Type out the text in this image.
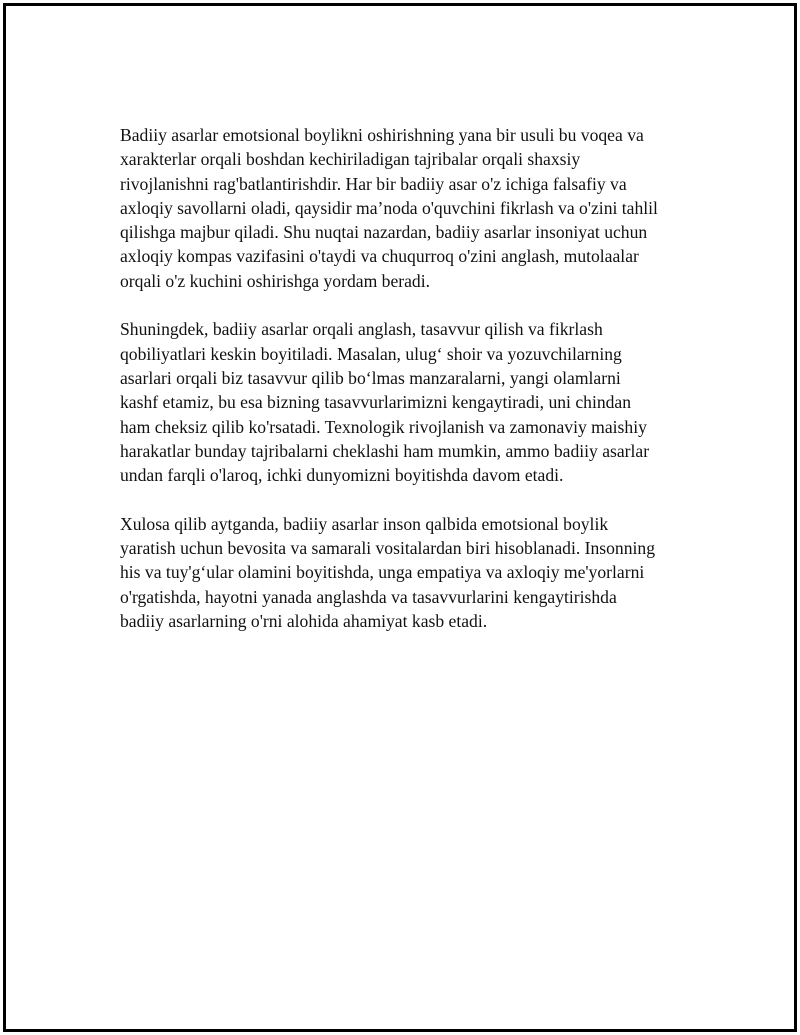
Badiiy asarlar emotsional boylikni oshirishning yana bir usuli bu voqea va
xarakterlar orqali boshdan kechiriladigan tajribalar orqali shaxsiy
rivojlanishni rag'batlantirishdir. Har bir badiiy asar o'z ichiga falsafiy va
axloqiy savollarni oladi, qaysidir ma’noda o'quvchini fikrlash va o'zini tahlil
qilishga majbur qiladi. Shu nuqtai nazardan, badiiy asarlar insoniyat uchun
axloqiy kompas vazifasini o'taydi va chuqurroq o'zini anglash, mutolaalar
orqali o'z kuchini oshirishga yordam beradi.

Shuningdek, badiiy asarlar orqali anglash, tasavvur qilish va fikrlash
qobiliyatlari keskin boyitiladi. Masalan, ulug‘ shoir va yozuvchilarning
asarlari orqali biz tasavvur qilib bo‘lmas manzaralarni, yangi olamlarni
kashf etamiz, bu esa bizning tasavvurlarimizni kengaytiradi, uni chindan
ham cheksiz qilib ko'rsatadi. Texnologik rivojlanish va zamonaviy maishiy
harakatlar bunday tajribalarni cheklashi ham mumkin, ammo badiiy asarlar
undan farqli o'laroq, ichki dunyomizni boyitishda davom etadi.

Xulosa qilib aytganda, badiiy asarlar inson qalbida emotsional boylik
yaratish uchun bevosita va samarali vositalardan biri hisoblanadi. Insonning
his va tuy'g‘ular olamini boyitishda, unga empatiya va axloqiy me'yorlarni
o'rgatishda, hayotni yanada anglashda va tasavvurlarini kengaytirishda
badiiy asarlarning o'rni alohida ahamiyat kasb etadi.
